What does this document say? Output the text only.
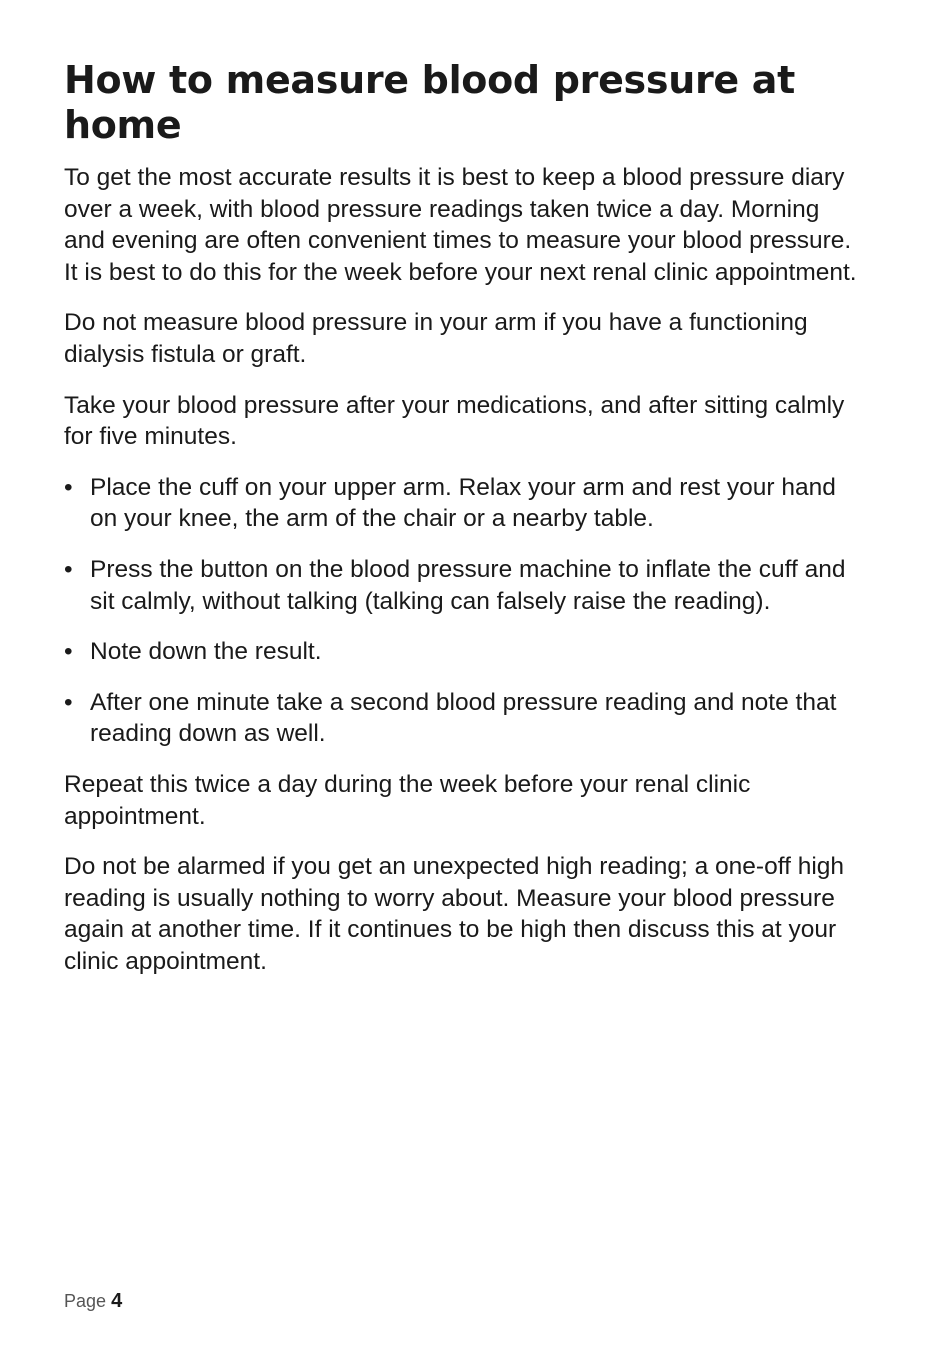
How to measure blood pressure at home

To get the most accurate results it is best to keep a blood pressure diary over a week, with blood pressure readings taken twice a day. Morning and evening are often convenient times to measure your blood pressure. It is best to do this for the week before your next renal clinic appointment.

Do not measure blood pressure in your arm if you have a functioning dialysis fistula or graft.

Take your blood pressure after your medications, and after sitting calmly for five minutes.

• Place the cuff on your upper arm. Relax your arm and rest your hand on your knee, the arm of the chair or a nearby table.
• Press the button on the blood pressure machine to inflate the cuff and sit calmly, without talking (talking can falsely raise the reading).
• Note down the result.
• After one minute take a second blood pressure reading and note that reading down as well.

Repeat this twice a day during the week before your renal clinic appointment.

Do not be alarmed if you get an unexpected high reading; a one-off high reading is usually nothing to worry about. Measure your blood pressure again at another time. If it continues to be high then discuss this at your clinic appointment.

Page 4
